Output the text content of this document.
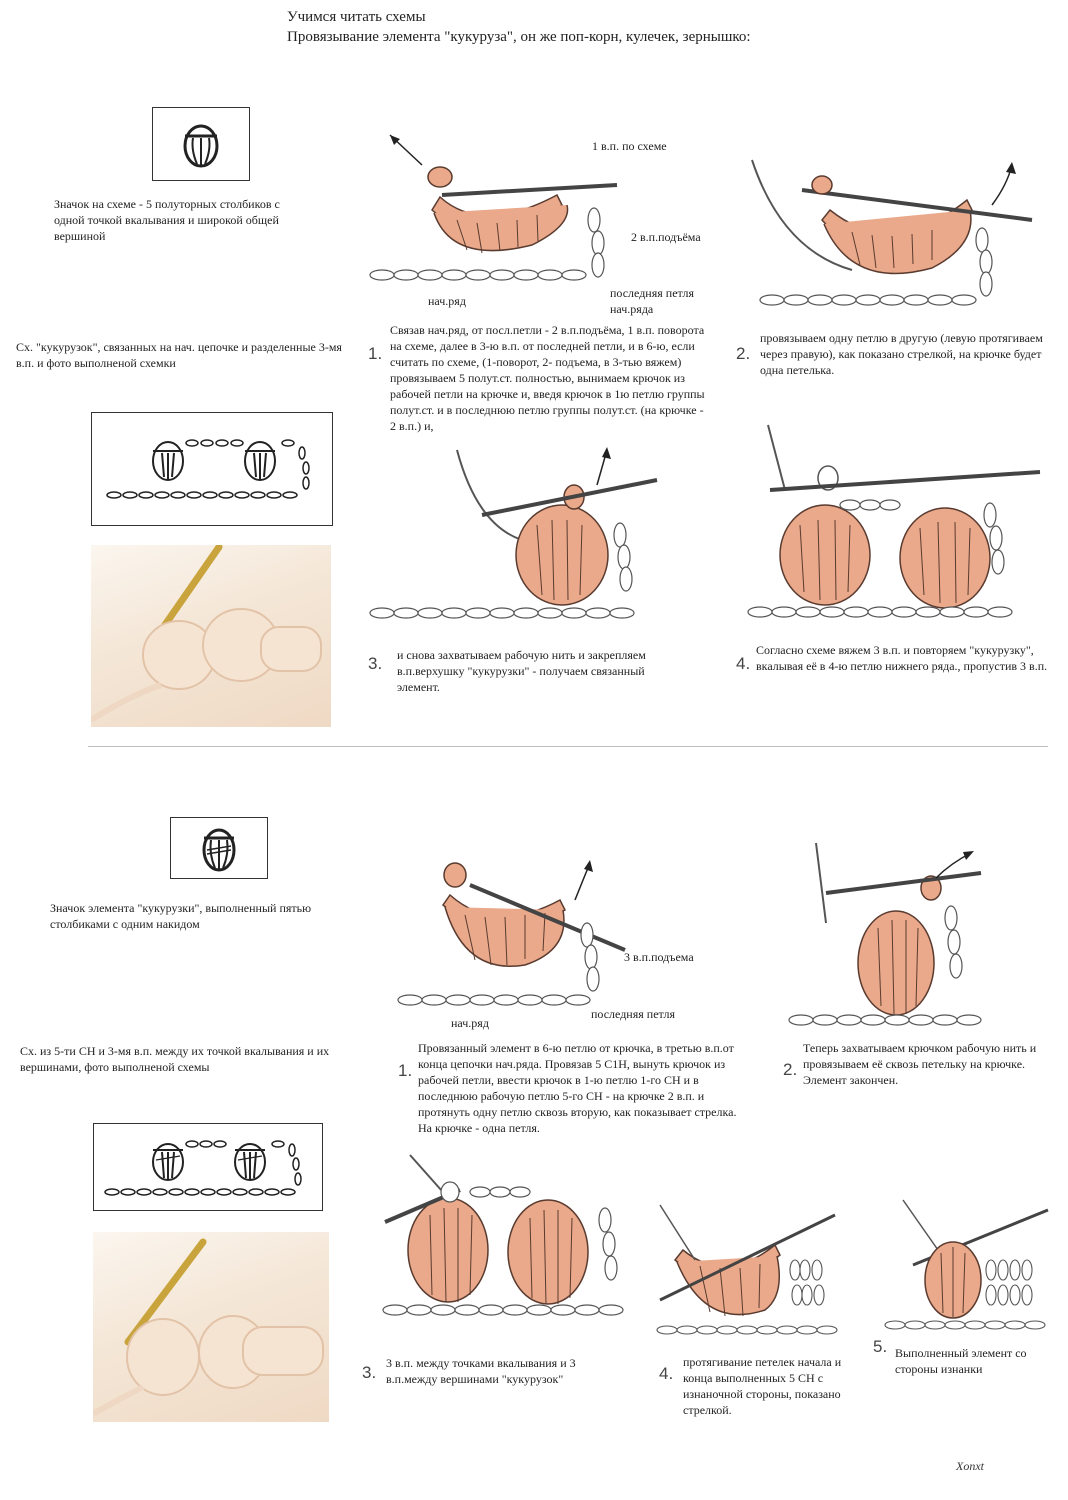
Учимся читать схемы
Провязывание элемента "кукуруза", он же поп-корн, кулечек, зернышко:
Значок на схеме - 5 полуторных столбиков с одной точкой вкалывания и широкой общей вершиной
Сх. "кукурузок", связанных на нач. цепочке и разделенные 3-мя в.п. и фото выполненой схемки
1 в.п. по схеме
2 в.п.подъёма
нач.ряд
последняя петля нач.ряда
1.
Связав нач.ряд, от посл.петли - 2 в.п.подъёма, 1 в.п. поворота на схеме, далее в 3-ю в.п. от последней петли, и в 6-ю, если считать по схеме, (1-поворот, 2- подъема, в 3-тью вяжем) провязываем 5 полут.ст. полностью, вынимаем крючок из рабочей петли на крючке и, введя крючок в 1ю петлю группы полут.ст. и в последнюю петлю группы полут.ст. (на крючке - 2 в.п.) и,
2.
провязываем одну петлю в другую (левую протягиваем через правую), как показано стрелкой, на крючке будет одна петелька.
3. и снова захватываем рабочую нить и закрепляем в.п.верхушку "кукурузки" - получаем связанный элемент.
4.
Согласно схеме вяжем 3 в.п. и повторяем "кукурузку", вкалывая её в 4-ю петлю нижнего ряда., пропустив 3 в.п.
Значок элемента "кукурузки", выполненный пятью столбиками с одним накидом
Сх. из 5-ти СН и 3-мя в.п. между их точкой вкалывания и их вершинами, фото выполненой схемы
3 в.п.подъема
нач.ряд
последняя петля
1.
Провязанный элемент в 6-ю петлю от крючка, в третью в.п.от конца цепочки нач.ряда. Провязав 5 С1Н, вынуть крючок из рабочей петли, ввести крючок в 1-ю петлю 1-го СН и в последнюю рабочую петлю 5-го СН - на крючке 2 в.п. и протянуть одну петлю сквозь вторую, как показывает стрелка. На крючке - одна петля.
2.
Теперь захватываем крючком рабочую нить и провязываем её сквозь петельку на крючке. Элемент закончен.
3. 3 в.п. между точками вкалывания и 3 в.п.между вершинами "кукурузок"	4.
протягивание петелек начала и конца выполненных 5 СН с изнаночной стороны, показано стрелкой.
5. Выполненный элемент со стороны изнанки
Xonxt
